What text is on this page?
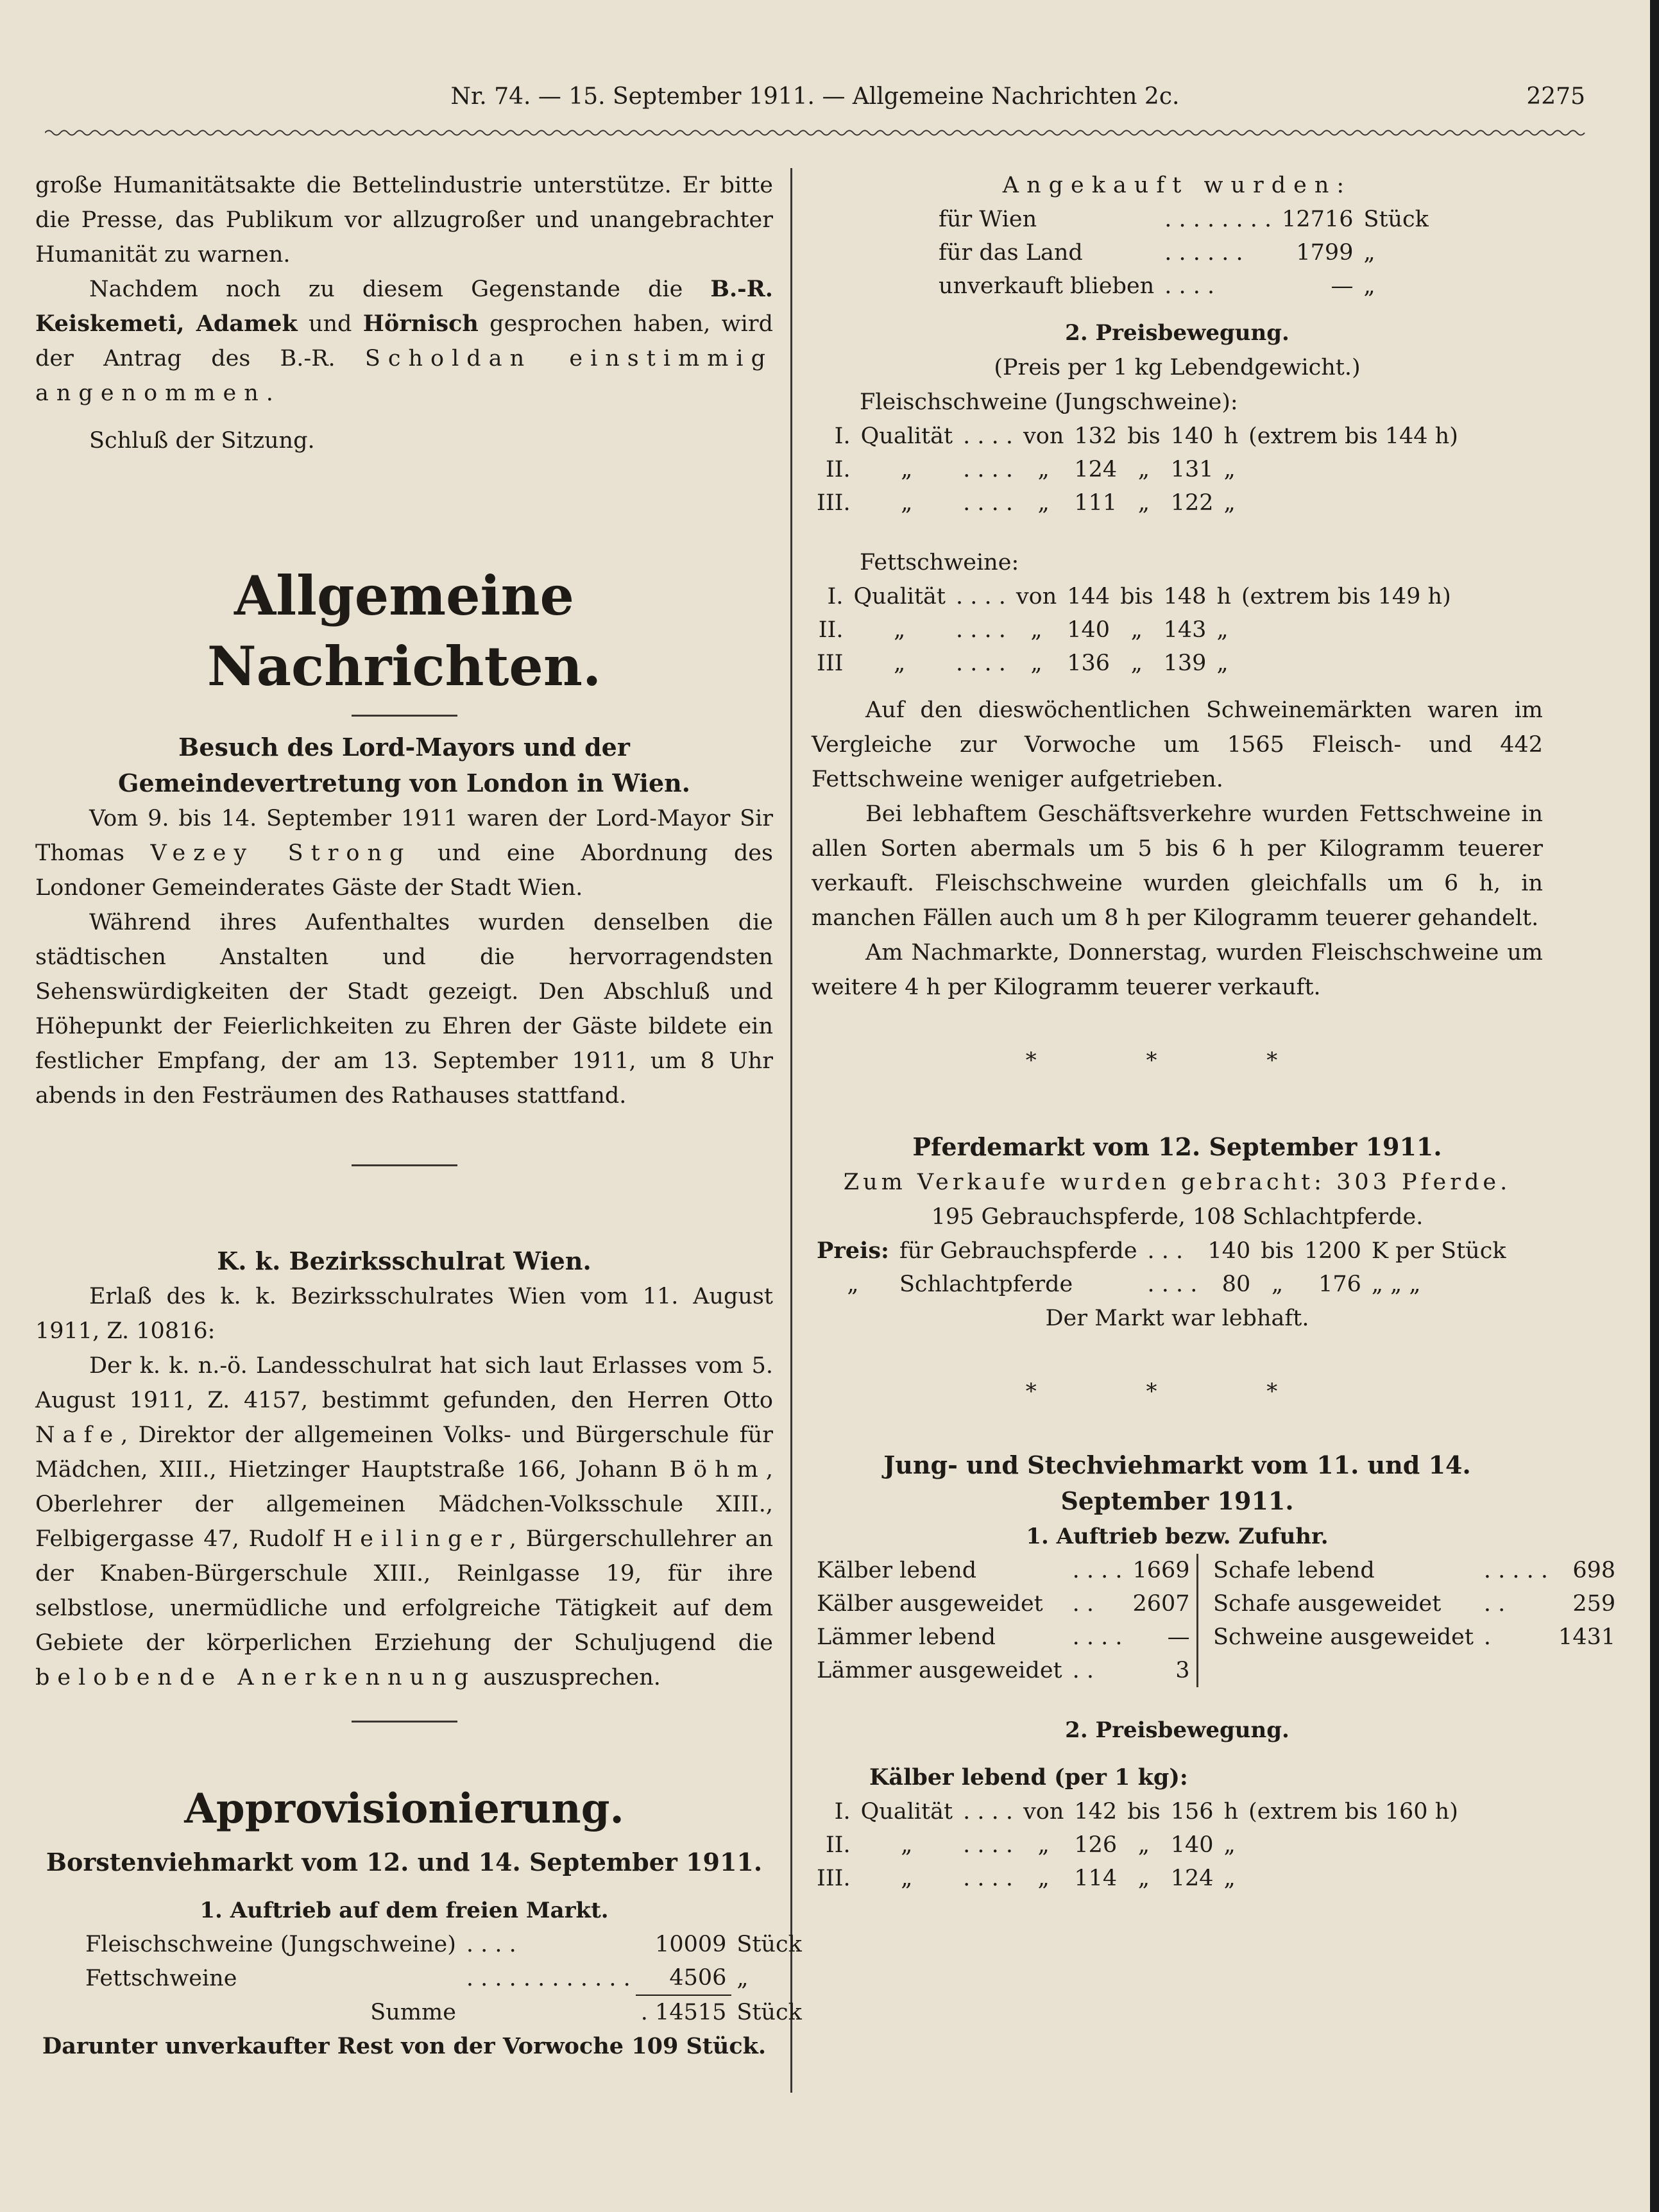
Nr. 74. — 15. September 1911. — Allgemeine Nachrichten 2c.	2275

große Humanitätsakte die Bettelindustrie unterstütze. Er bitte die Presse, das Publikum vor allzugroßer und unangebrachter Humanität zu warnen.

Nachdem noch zu diesem Gegenstande die B.-R. Keiskemeti, Adamek und Hörnisch gesprochen haben, wird der Antrag des B.-R. Scholdan einstimmig angenommen.

Schluß der Sitzung.

Allgemeine Nachrichten.
Besuch des Lord-Mayors und der Gemeindevertretung von London in Wien.

Vom 9. bis 14. September 1911 waren der Lord-Mayor Sir Thomas Vezey Strong und eine Abordnung des Londoner Gemeinderates Gäste der Stadt Wien.

Während ihres Aufenthaltes wurden denselben die städtischen Anstalten und die hervorragendsten Sehenswürdigkeiten der Stadt gezeigt. Den Abschluß und Höhepunkt der Feierlichkeiten zu Ehren der Gäste bildete ein festlicher Empfang, der am 13. September 1911, um 8 Uhr abends in den Festräumen des Rathauses stattfand.

K. k. Bezirksschulrat Wien.

Erlaß des k. k. Bezirksschulrates Wien vom 11. August 1911, Z. 10816:

Der k. k. n.-ö. Landesschulrat hat sich laut Erlasses vom 5. August 1911, Z. 4157, bestimmt gefunden, den Herren Otto Nafe, Direktor der allgemeinen Volks- und Bürgerschule für Mädchen, XIII., Hietzinger Hauptstraße 166, Johann Böhm, Oberlehrer der allgemeinen Mädchen-Volksschule XIII., Felbigergasse 47, Rudolf Heilinger, Bürgerschullehrer an der Knaben-Bürgerschule XIII., Reinlgasse 19, für ihre selbstlose, unermüdliche und erfolgreiche Tätigkeit auf dem Gebiete der körperlichen Erziehung der Schuljugend die belobende Anerkennung auszusprechen.

Approvisionierung.
Borstenviehmarkt vom 12. und 14. September 1911.
1. Auftrieb auf dem freien Markt.
Fleischschweine (Jungschweine)	. . . .	10009	Stück
Fettschweine	. . . . . . . . . . . .	4506	„
Summe		. 14515	Stück

Darunter unverkaufter Rest von der Vorwoche 109 Stück.

Angekauft wurden:

für Wien	. . . . . . . .	12716	Stück
für das Land	. . . . . .	1799	„
unverkauft blieben	. . . .	—	„
2. Preisbewegung.

(Preis per 1 kg Lebendgewicht.)

Fleischschweine (Jungschweine):

I.	Qualität	. . . .	von	132	bis	140	h	(extrem bis 144 h)
II.	„	. . . .	„	124	„	131	„	
III.	„	. . . .	„	111	„	122	„	

Fettschweine:

I.	Qualität	. . . .	von	144	bis	148	h	(extrem bis 149 h)
II.	„	. . . .	„	140	„	143	„	
III	„	. . . .	„	136	„	139	„	

Auf den dieswöchentlichen Schweinemärkten waren im Vergleiche zur Vorwoche um 1565 Fleisch- und 442 Fettschweine weniger aufgetrieben.

Bei lebhaftem Geschäftsverkehre wurden Fettschweine in allen Sorten abermals um 5 bis 6 h per Kilogramm teuerer verkauft. Fleischschweine wurden gleichfalls um 6 h, in manchen Fällen auch um 8 h per Kilogramm teuerer gehandelt.

Am Nachmarkte, Donnerstag, wurden Fleischschweine um weitere 4 h per Kilogramm teuerer verkauft.

* * *

Pferdemarkt vom 12. September 1911.

Zum Verkaufe wurden gebracht: 303 Pferde.

195 Gebrauchspferde, 108 Schlachtpferde.

Preis:	für Gebrauchspferde	. . .	140	bis	1200	K per Stück
„	Schlachtpferde	. . . .	80	„	176	„ „ „

Der Markt war lebhaft.

* * *

Jung- und Stechviehmarkt vom 11. und 14. September 1911.
1. Auftrieb bezw. Zufuhr.
Kälber lebend	. . . .	1669
Kälber ausgeweidet	. .	2607
Lämmer lebend	. . . .	—
Lämmer ausgeweidet	. .	3
Schafe lebend	. . . . .	698
Schafe ausgeweidet	. .	259
Schweine ausgeweidet	.	1431
2. Preisbewegung.

Kälber lebend (per 1 kg):

I.	Qualität	. . . .	von	142	bis	156	h	(extrem bis 160 h)
II.	„	. . . .	„	126	„	140	„	
III.	„	. . . .	„	114	„	124	„	
